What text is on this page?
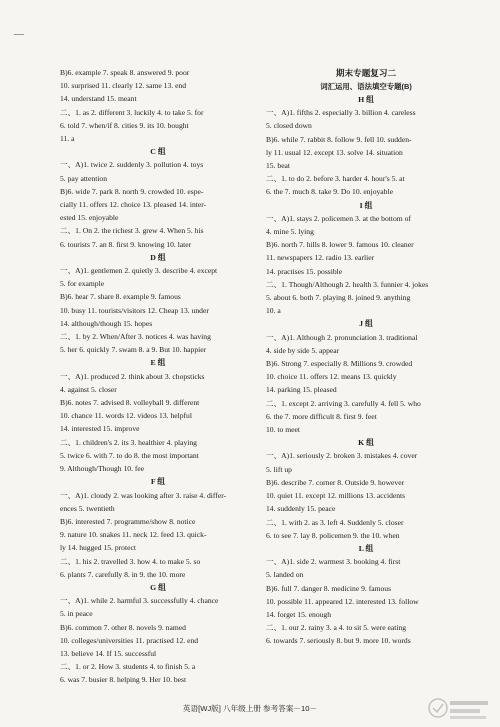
B)6. example 7. speak 8. answered 9. poor
10. surprised 11. clearly 12. same 13. end
14. understand 15. meant
二、1. as 2. different 3. luckily 4. to take 5. for
6. told 7. when/if 8. cities 9. its 10. bought
11. a
C 组
一、A)1. twice 2. suddenly 3. pollution 4. toys
5. pay attention
B)6. wide 7. park 8. north 9. crowded 10. espe-
cially 11. offers 12. choice 13. pleased 14. inter-
ested 15. enjoyable
二、1. On 2. the richest 3. grew 4. When 5. his
6. tourists 7. an 8. first 9. knowing 10. later
D 组
一、A)1. gentlemen 2. quietly 3. describe 4. except
5. for example
B)6. hear 7. share 8. example 9. famous
10. busy 11. tourists/visitors 12. Cheap 13. under
14. although/though 15. hopes
二、1. by 2. When/After 3. notices 4. was having
5. her 6. quickly 7. swam 8. a 9. But 10. happier
E 组
一、A)1. produced 2. think about 3. chopsticks
4. against 5. closer
B)6. notes 7. advised 8. volleyball 9. different
10. chance 11. words 12. videos 13. helpful
14. interested 15. improve
二、1. children's 2. its 3. healthier 4. playing
5. twice 6. with 7. to do 8. the most important
9. Although/Though 10. fee
F 组
一、A)1. cloudy 2. was looking after 3. raise 4. differ-
ences 5. twentieth
B)6. interested 7. programme/show 8. notice
9. nature 10. snakes 11. neck 12. feed 13. quick-
ly 14. hugged 15. protect
二、1. his 2. travelled 3. how 4. to make 5. so
6. plants 7. carefully 8. in 9. the 10. more
G 组
一、A)1. while 2. harmful 3. successfully 4. chance
5. in peace
B)6. common 7. other 8. novels 9. named
10. colleges/universities 11. practised 12. end
13. believe 14. If 15. successful
二、1. or 2. How 3. students 4. to finish 5. a
6. was 7. busier 8. helping 9. Her 10. best
期末专题复习二
词汇运用、语法填空专题(B)
H 组
一、A)1. fifths 2. especially 3. billion 4. careless
5. closed down
B)6. while 7. rabbit 8. follow 9. fell 10. sudden-
ly 11. usual 12. except 13. solve 14. situation
15. beat
二、1. to do 2. before 3. harder 4. hour's 5. at
6. the 7. much 8. take 9. Do 10. enjoyable
I 组
一、A)1. stays 2. policemen 3. at the bottom of
4. mine 5. lying
B)6. north 7. hills 8. lower 9. famous 10. cleaner
11. newspapers 12. radio 13. earlier
14. practises 15. possible
二、1. Though/Although 2. health 3. funnier 4. jokes
5. about 6. both 7. playing 8. joined 9. anything
10. a
J 组
一、A)1. Although 2. pronunciation 3. traditional
4. side by side 5. appear
B)6. Strong 7. especially 8. Millions 9. crowded
10. choice 11. offers 12. means 13. quickly
14. parking 15. pleased
二、1. except 2. arriving 3. carefully 4. fell 5. who
6. the 7. more difficult 8. first 9. feet
10. to meet
K 组
一、A)1. seriously 2. broken 3. mistakes 4. cover
5. lift up
B)6. describe 7. corner 8. Outside 9. however
10. quiet 11. except 12. millions 13. accidents
14. suddenly 15. peace
二、1. with 2. as 3. left 4. Suddenly 5. closer
6. to see 7. lay 8. policemen 9. the 10. when
L 组
一、A)1. side 2. warmest 3. booking 4. first
5. landed on
B)6. full 7. danger 8. medicine 9. famous
10. possible 11. appeared 12. interested 13. follow
14. forget 15. enough
二、1. our 2. rainy 3. a 4. to sit 5. were eating
6. towards 7. seriously 8. but 9. more 10. words
英语[WJ版] 八年级上册 参考答案－10－
